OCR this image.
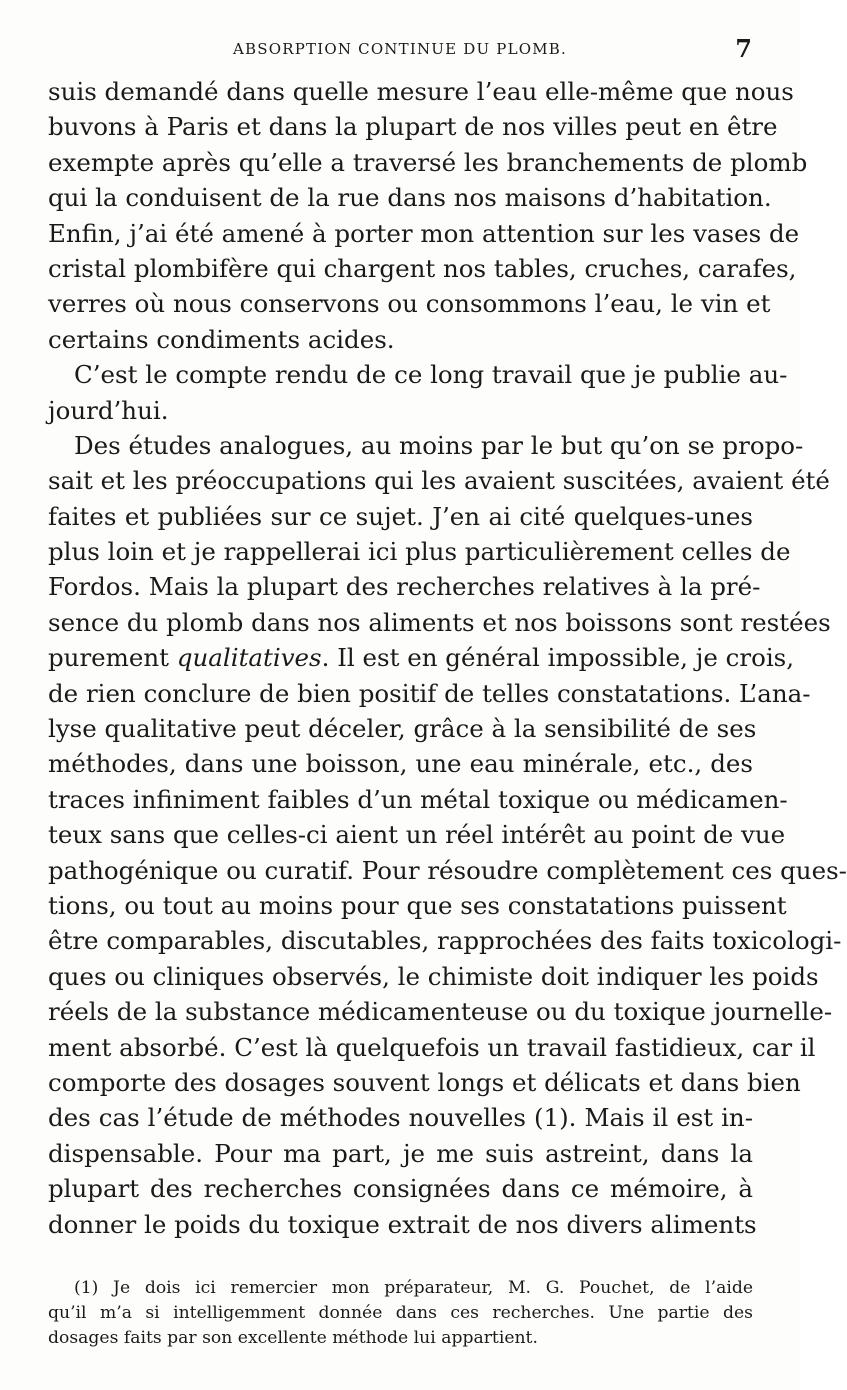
ABSORPTION CONTINUE DU PLOMB.	7
suis demandé dans quelle mesure l’eau elle-même que nous
buvons à Paris et dans la plupart de nos villes peut en être
exempte après qu’elle a traversé les branchements de plomb
qui la conduisent de la rue dans nos maisons d’habitation.
Enfin, j’ai été amené à porter mon attention sur les vases de
cristal plombifère qui chargent nos tables, cruches, carafes,
verres où nous conservons ou consommons l’eau, le vin et
certains condiments acides.
C’est le compte rendu de ce long travail que je publie au-
jourd’hui.
Des études analogues, au moins par le but qu’on se propo-
sait et les préoccupations qui les avaient suscitées, avaient été
faites et publiées sur ce sujet. J’en ai cité quelques-unes
plus loin et je rappellerai ici plus particulièrement celles de
Fordos. Mais la plupart des recherches relatives à la pré-
sence du plomb dans nos aliments et nos boissons sont restées
purement qualitatives. Il est en général impossible, je crois,
de rien conclure de bien positif de telles constatations. L’ana-
lyse qualitative peut déceler, grâce à la sensibilité de ses
méthodes, dans une boisson, une eau minérale, etc., des
traces infiniment faibles d’un métal toxique ou médicamen-
teux sans que celles-ci aient un réel intérêt au point de vue
pathogénique ou curatif. Pour résoudre complètement ces ques-
tions, ou tout au moins pour que ses constatations puissent
être comparables, discutables, rapprochées des faits toxicologi-
ques ou cliniques observés, le chimiste doit indiquer les poids
réels de la substance médicamenteuse ou du toxique journelle-
ment absorbé. C’est là quelquefois un travail fastidieux, car il
comporte des dosages souvent longs et délicats et dans bien
des cas l’étude de méthodes nouvelles (1). Mais il est in-
dispensable. Pour ma part, je me suis astreint, dans la
plupart des recherches consignées dans ce mémoire, à
donner le poids du toxique extrait de nos divers aliments
(1) Je dois ici remercier mon préparateur, M. G. Pouchet, de l’aide
qu’il m’a si intelligemment donnée dans ces recherches. Une partie des
dosages faits par son excellente méthode lui appartient.
